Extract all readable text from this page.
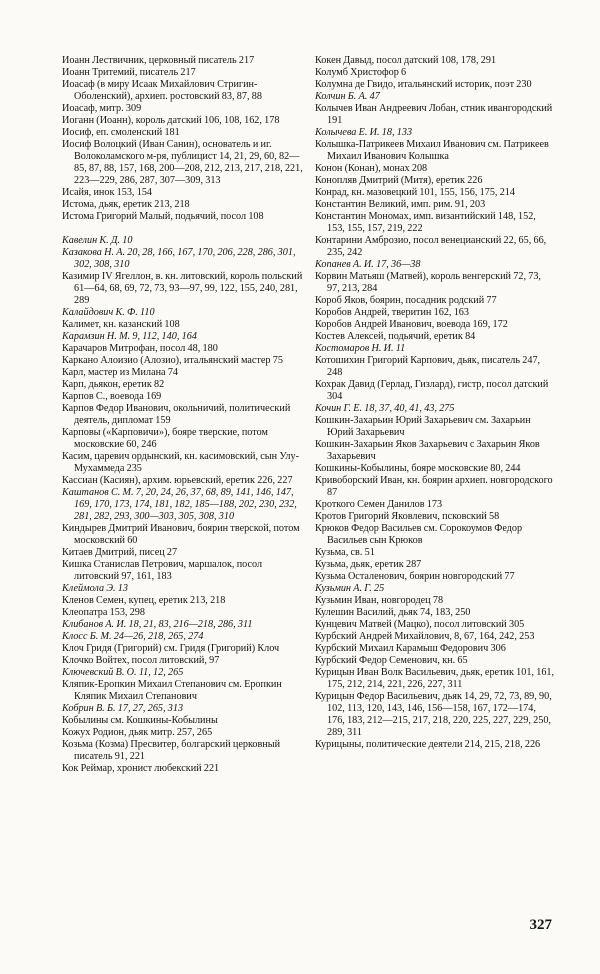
Иоанн Лествичник, церковный писатель 217

Иоанн Тритемий, писатель 217

Иоасаф (в миру Исаак Михайлович Стригин-Оболенский), архиеп. ростовский 83, 87, 88

Иоасаф, митр. 309

Иоганн (Иоанн), король датский 106, 108, 162, 178

Иосиф, еп. смоленский 181

Иосиф Волоцкий (Иван Санин), основатель и иг. Волоколамского м-ря, публицист 14, 21, 29, 60, 82—85, 87, 88, 157, 168, 200—208, 212, 213, 217, 218, 221, 223—229, 286, 287, 307—309, 313

Исайя, инок 153, 154

Истома, дьяк, еретик 213, 218

Истома Григорий Малый, подьячий, посол 108

Кавелин К. Д. 10

Казакова Н. А. 20, 28, 166, 167, 170, 206, 228, 286, 301, 302, 308, 310

Казимир IV Ягеллон, в. кн. литовский, король польский 61—64, 68, 69, 72, 73, 93—97, 99, 122, 155, 240, 281, 289

Калайдович К. Ф. 110

Калимет, кн. казанский 108

Карамзин Н. М. 9, 112, 140, 164

Карачаров Митрофан, посол 48, 180

Каркано Алоизио (Алозио), итальянский мастер 75

Карл, мастер из Милана 74

Карп, дьякон, еретик 82

Карпов С., воевода 169

Карпов Федор Иванович, окольничий, политический деятель, дипломат 159

Карповы («Карповичи»), бояре тверские, потом московские 60, 246

Касим, царевич ордынский, кн. касимовский, сын Улу-Мухаммеда 235

Кассиан (Касиян), архим. юрьевский, еретик 226, 227

Каштанов С. М. 7, 20, 24, 26, 37, 68, 89, 141, 146, 147, 169, 170, 173, 174, 181, 182, 185—188, 202, 230, 232, 281, 282, 293, 300—303, 305, 308, 310

Киндырев Дмитрий Иванович, боярин тверской, потом московский 60

Китаев Дмитрий, писец 27

Кишка Станислав Петрович, маршалок, посол литовский 97, 161, 183

Клеймола Э. 13

Кленов Семен, купец, еретик 213, 218

Клеопатра 153, 298

Клибанов А. И. 18, 21, 83, 216—218, 286, 311

Клосс Б. М. 24—26, 218, 265, 274

Клоч Гридя (Григорий) см. Гридя (Григорий) Клоч

Клочко Войтех, посол литовский, 97

Ключевский В. О. 11, 12, 265

Кляпик-Еропкин Михаил Степанович см. Еропкин Кляпик Михаил Степанович

Кобрин В. Б. 17, 27, 265, 313

Кобылины см. Кошкины-Кобылины

Кожух Родион, дьяк митр. 257, 265

Козьма (Козма) Пресвитер, болгарский церковный писатель 91, 221

Кок Реймар, хронист любекский 221

Кокен Давыд, посол датский 108, 178, 291

Колумб Христофор 6

Колумна де Гвидо, итальянский историк, поэт 230

Колчин Б. А. 47

Колычев Иван Андреевич Лобан, стник ивангородский 191

Колычева Е. И. 18, 133

Колышка-Патрикеев Михаил Иванович см. Патрикеев Михаил Иванович Колышка

Конон (Конан), монах 208

Конопляв Дмитрий (Митя), еретик 226

Конрад, кн. мазовецкий 101, 155, 156, 175, 214

Константин Великий, имп. рим. 91, 203

Константин Мономах, имп. византийский 148, 152, 153, 155, 157, 219, 222

Контарини Амброзио, посол венецианский 22, 65, 66, 235, 242

Копанев А. И. 17, 36—38

Корвин Матьяш (Матвей), король венгерский 72, 73, 97, 213, 284

Короб Яков, боярин, посадник родский 77

Коробов Андрей, тверитин 162, 163

Коробов Андрей Иванович, воевода 169, 172

Костев Алексей, подьячий, еретик 84

Костомаров Н. И. 11

Котошихин Григорий Карпович, дьяк, писатель 247, 248

Кохрак Давид (Герлад, Гизлард), гистр, посол датский 304

Кочин Г. Е. 18, 37, 40, 41, 43, 275

Кошкин-Захарьин Юрий Захарьевич см. Захарьин Юрий Захарьевич

Кошкин-Захарьин Яков Захарьевич с Захарьин Яков Захарьевич

Кошкины-Кобылины, бояре московские 80, 244

Кривоборский Иван, кн. боярин архиеп. новгородского 87

Кроткого Семен Данилов 173

Кротов Григорий Яковлевич, псковский 58

Крюков Федор Васильев см. Сорокоумов Федор Васильев сын Крюков

Кузьма, св. 51

Кузьма, дьяк, еретик 287

Кузьма Осталенович, боярин новгородский 77

Кузьмин А. Г. 25

Кузьмин Иван, новгородец 78

Кулешин Василий, дьяк 74, 183, 250

Кунцевич Матвей (Мацко), посол литовский 305

Курбский Андрей Михайлович, 8, 67, 164, 242, 253

Курбский Михаил Карамыш Федорович 306

Курбский Федор Семенович, кн. 65

Курицын Иван Волк Васильевич, дьяк, еретик 101, 161, 175, 212, 214, 221, 226, 227, 311

Курицын Федор Васильевич, дьяк 14, 29, 72, 73, 89, 90, 102, 113, 120, 143, 146, 156—158, 167, 172—174, 176, 183, 212—215, 217, 218, 220, 225, 227, 229, 250, 289, 311

Курицыны, политические деятели 214, 215, 218, 226

327
